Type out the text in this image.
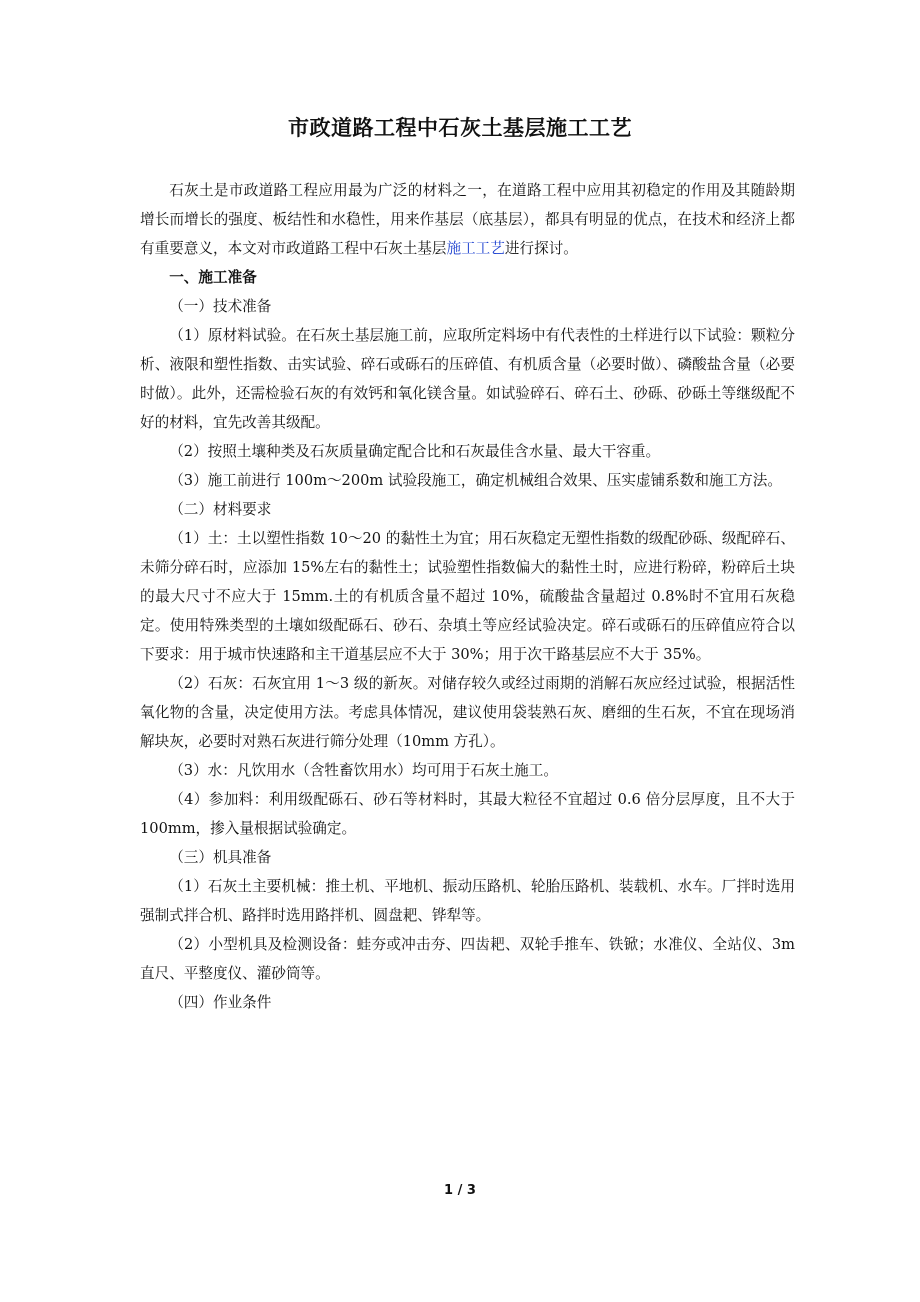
市政道路工程中石灰土基层施工工艺

石灰土是市政道路工程应用最为广泛的材料之一，在道路工程中应用其初稳定的作用及其随龄期增长而增长的强度、板结性和水稳性，用来作基层（底基层），都具有明显的优点，在技术和经济上都有重要意义，本文对市政道路工程中石灰土基层施工工艺进行探讨。

一、施工准备

（一）技术准备

（1）原材料试验。在石灰土基层施工前，应取所定料场中有代表性的土样进行以下试验：颗粒分析、液限和塑性指数、击实试验、碎石或砾石的压碎值、有机质含量（必要时做）、磷酸盐含量（必要时做）。此外，还需检验石灰的有效钙和氧化镁含量。如试验碎石、碎石土、砂砾、砂砾土等继级配不好的材料，宜先改善其级配。

（2）按照土壤种类及石灰质量确定配合比和石灰最佳含水量、最大干容重。

（3）施工前进行 100m～200m 试验段施工，确定机械组合效果、压实虚铺系数和施工方法。

（二）材料要求

（1）土：土以塑性指数 10～20 的黏性土为宜；用石灰稳定无塑性指数的级配砂砾、级配碎石、未筛分碎石时，应添加 15%左右的黏性土；试验塑性指数偏大的黏性土时，应进行粉碎，粉碎后土块的最大尺寸不应大于 15mm.土的有机质含量不超过 10%，硫酸盐含量超过 0.8%时不宜用石灰稳定。使用特殊类型的土壤如级配砾石、砂石、杂填土等应经试验决定。碎石或砾石的压碎值应符合以下要求：用于城市快速路和主干道基层应不大于 30%；用于次干路基层应不大于 35%。

（2）石灰：石灰宜用 1～3 级的新灰。对储存较久或经过雨期的消解石灰应经过试验，根据活性氧化物的含量，决定使用方法。考虑具体情况，建议使用袋装熟石灰、磨细的生石灰，不宜在现场消解块灰，必要时对熟石灰进行筛分处理（10mm 方孔）。

（3）水：凡饮用水（含牲畜饮用水）均可用于石灰土施工。

（4）参加料：利用级配砾石、砂石等材料时，其最大粒径不宜超过 0.6 倍分层厚度，且不大于 100mm，掺入量根据试验确定。

（三）机具准备

（1）石灰土主要机械：推土机、平地机、振动压路机、轮胎压路机、装载机、水车。厂拌时选用强制式拌合机、路拌时选用路拌机、圆盘耙、铧犁等。

（2）小型机具及检测设备：蛙夯或冲击夯、四齿耙、双轮手推车、铁锨；水准仪、全站仪、3m 直尺、平整度仪、灌砂筒等。

（四）作业条件

1 / 3
